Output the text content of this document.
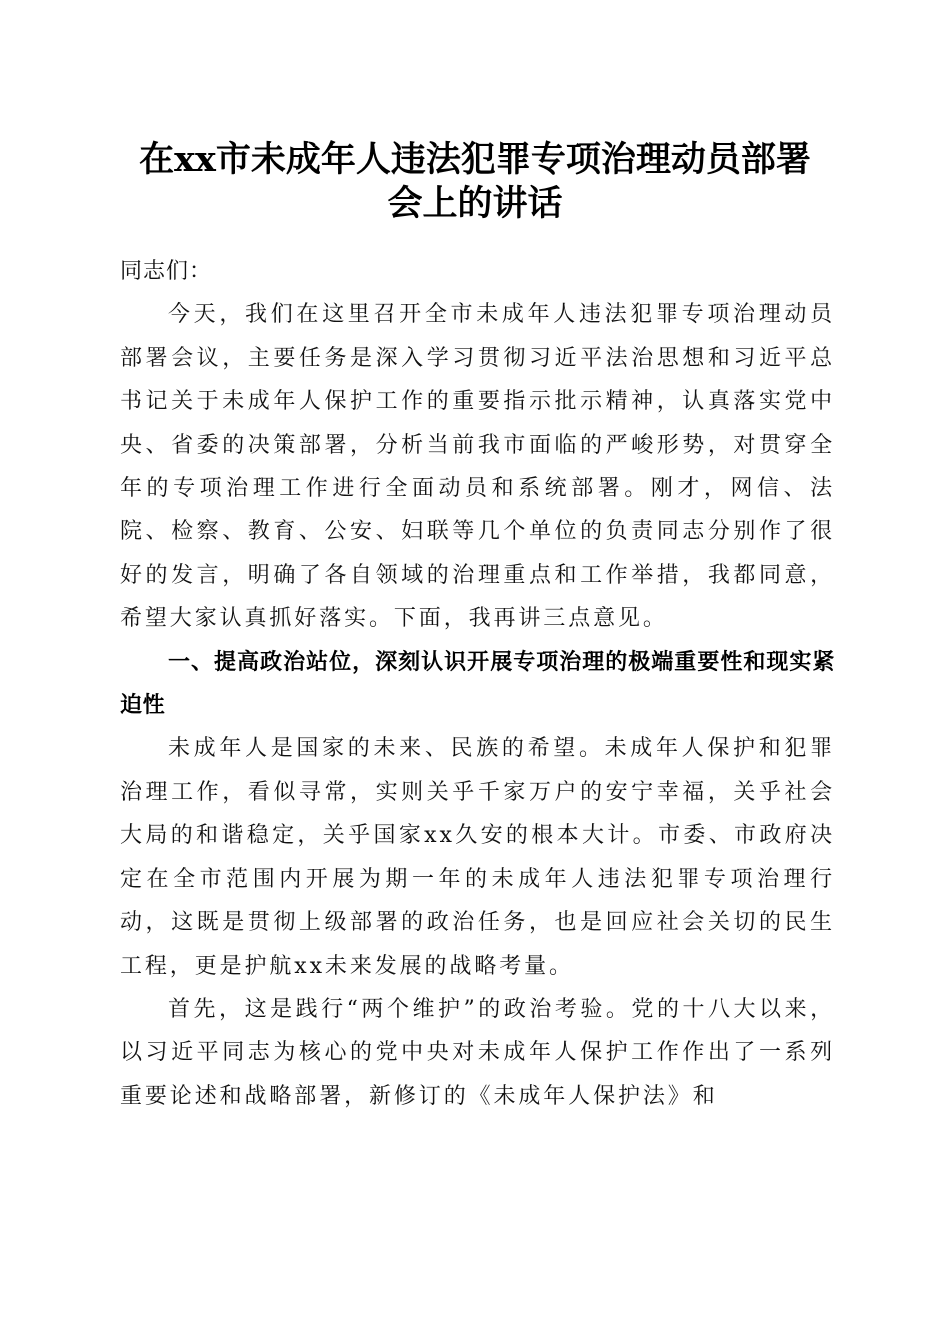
在xx市未成年人违法犯罪专项治理动员部署
会上的讲话

同志们：

今天，我们在这里召开全市未成年人违法犯罪专项治理动员部署会议，主要任务是深入学习贯彻习近平法治思想和习近平总书记关于未成年人保护工作的重要指示批示精神，认真落实党中央、省委的决策部署，分析当前我市面临的严峻形势，对贯穿全年的专项治理工作进行全面动员和系统部署。刚才，网信、法院、检察、教育、公安、妇联等几个单位的负责同志分别作了很好的发言，明确了各自领域的治理重点和工作举措，我都同意，希望大家认真抓好落实。下面，我再讲三点意见。

一、提高政治站位，深刻认识开展专项治理的极端重要性和现实紧迫性

未成年人是国家的未来、民族的希望。未成年人保护和犯罪治理工作，看似寻常，实则关乎千家万户的安宁幸福，关乎社会大局的和谐稳定，关乎国家xx久安的根本大计。市委、市政府决定在全市范围内开展为期一年的未成年人违法犯罪专项治理行动，这既是贯彻上级部署的政治任务，也是回应社会关切的民生工程，更是护航xx未来发展的战略考量。

首先，这是践行“两个维护”的政治考验。党的十八大以来，以习近平同志为核心的党中央对未成年人保护工作作出了一系列重要论述和战略部署，新修订的《未成年人保护法》和
